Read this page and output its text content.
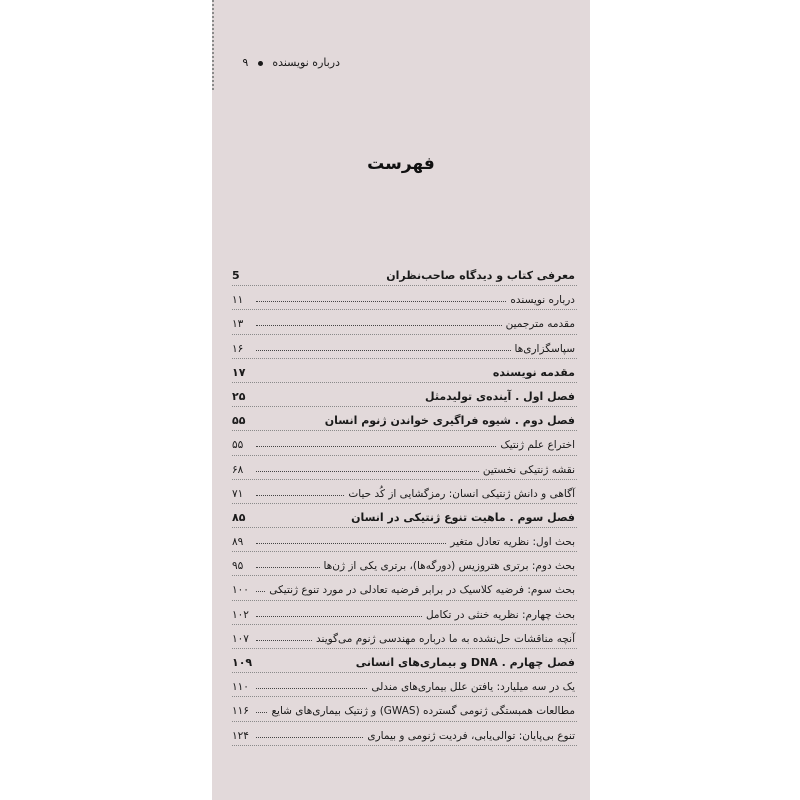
درباره نویسنده  ۹
فهرست
معرفی کتاب و دیدگاه صاحب‌نظران
5
درباره نویسنده
۱۱
مقدمه مترجمین
۱۳
سپاسگزاری‌ها
۱۶
مقدمه نویسنده
۱۷
فصل اول . آینده‌ی تولیدمثل
۲۵
فصل دوم . شیوه فراگیری خواندن ژنوم انسان
۵۵
اختراع علم ژنتیک
۵۵
نقشه ژنتیکی نخستین
۶۸
آگاهی و دانش ژنتیکی انسان: رمزگشایی از کُد حیات
۷۱
فصل سوم . ماهیت تنوع ژنتیکی در انسان
۸۵
بحث اول: نظریه تعادل متغیر
۸۹
بحث دوم: برتری هتروزیس (دورگه‌ها)، برتری یکی از ژن‌ها
۹۵
بحث سوم: فرضیه کلاسیک در برابر فرضیه تعادلی در مورد تنوع ژنتیکی
۱۰۰
بحث چهارم: نظریه خنثی در تکامل
۱۰۲
آنچه مناقشات حل‌نشده به ما درباره مهندسی ژنوم می‌گویند
۱۰۷
فصل چهارم . DNA و بیماری‌های انسانی
۱۰۹
یک در سه میلیارد: یافتن علل بیماری‌های مندلی
۱۱۰
مطالعات همبستگی ژنومی گسترده (GWAS) و ژنتیک بیماری‌های شایع
۱۱۶
تنوع بی‌پایان: توالی‌یابی، فردیت ژنومی و بیماری
۱۲۴
